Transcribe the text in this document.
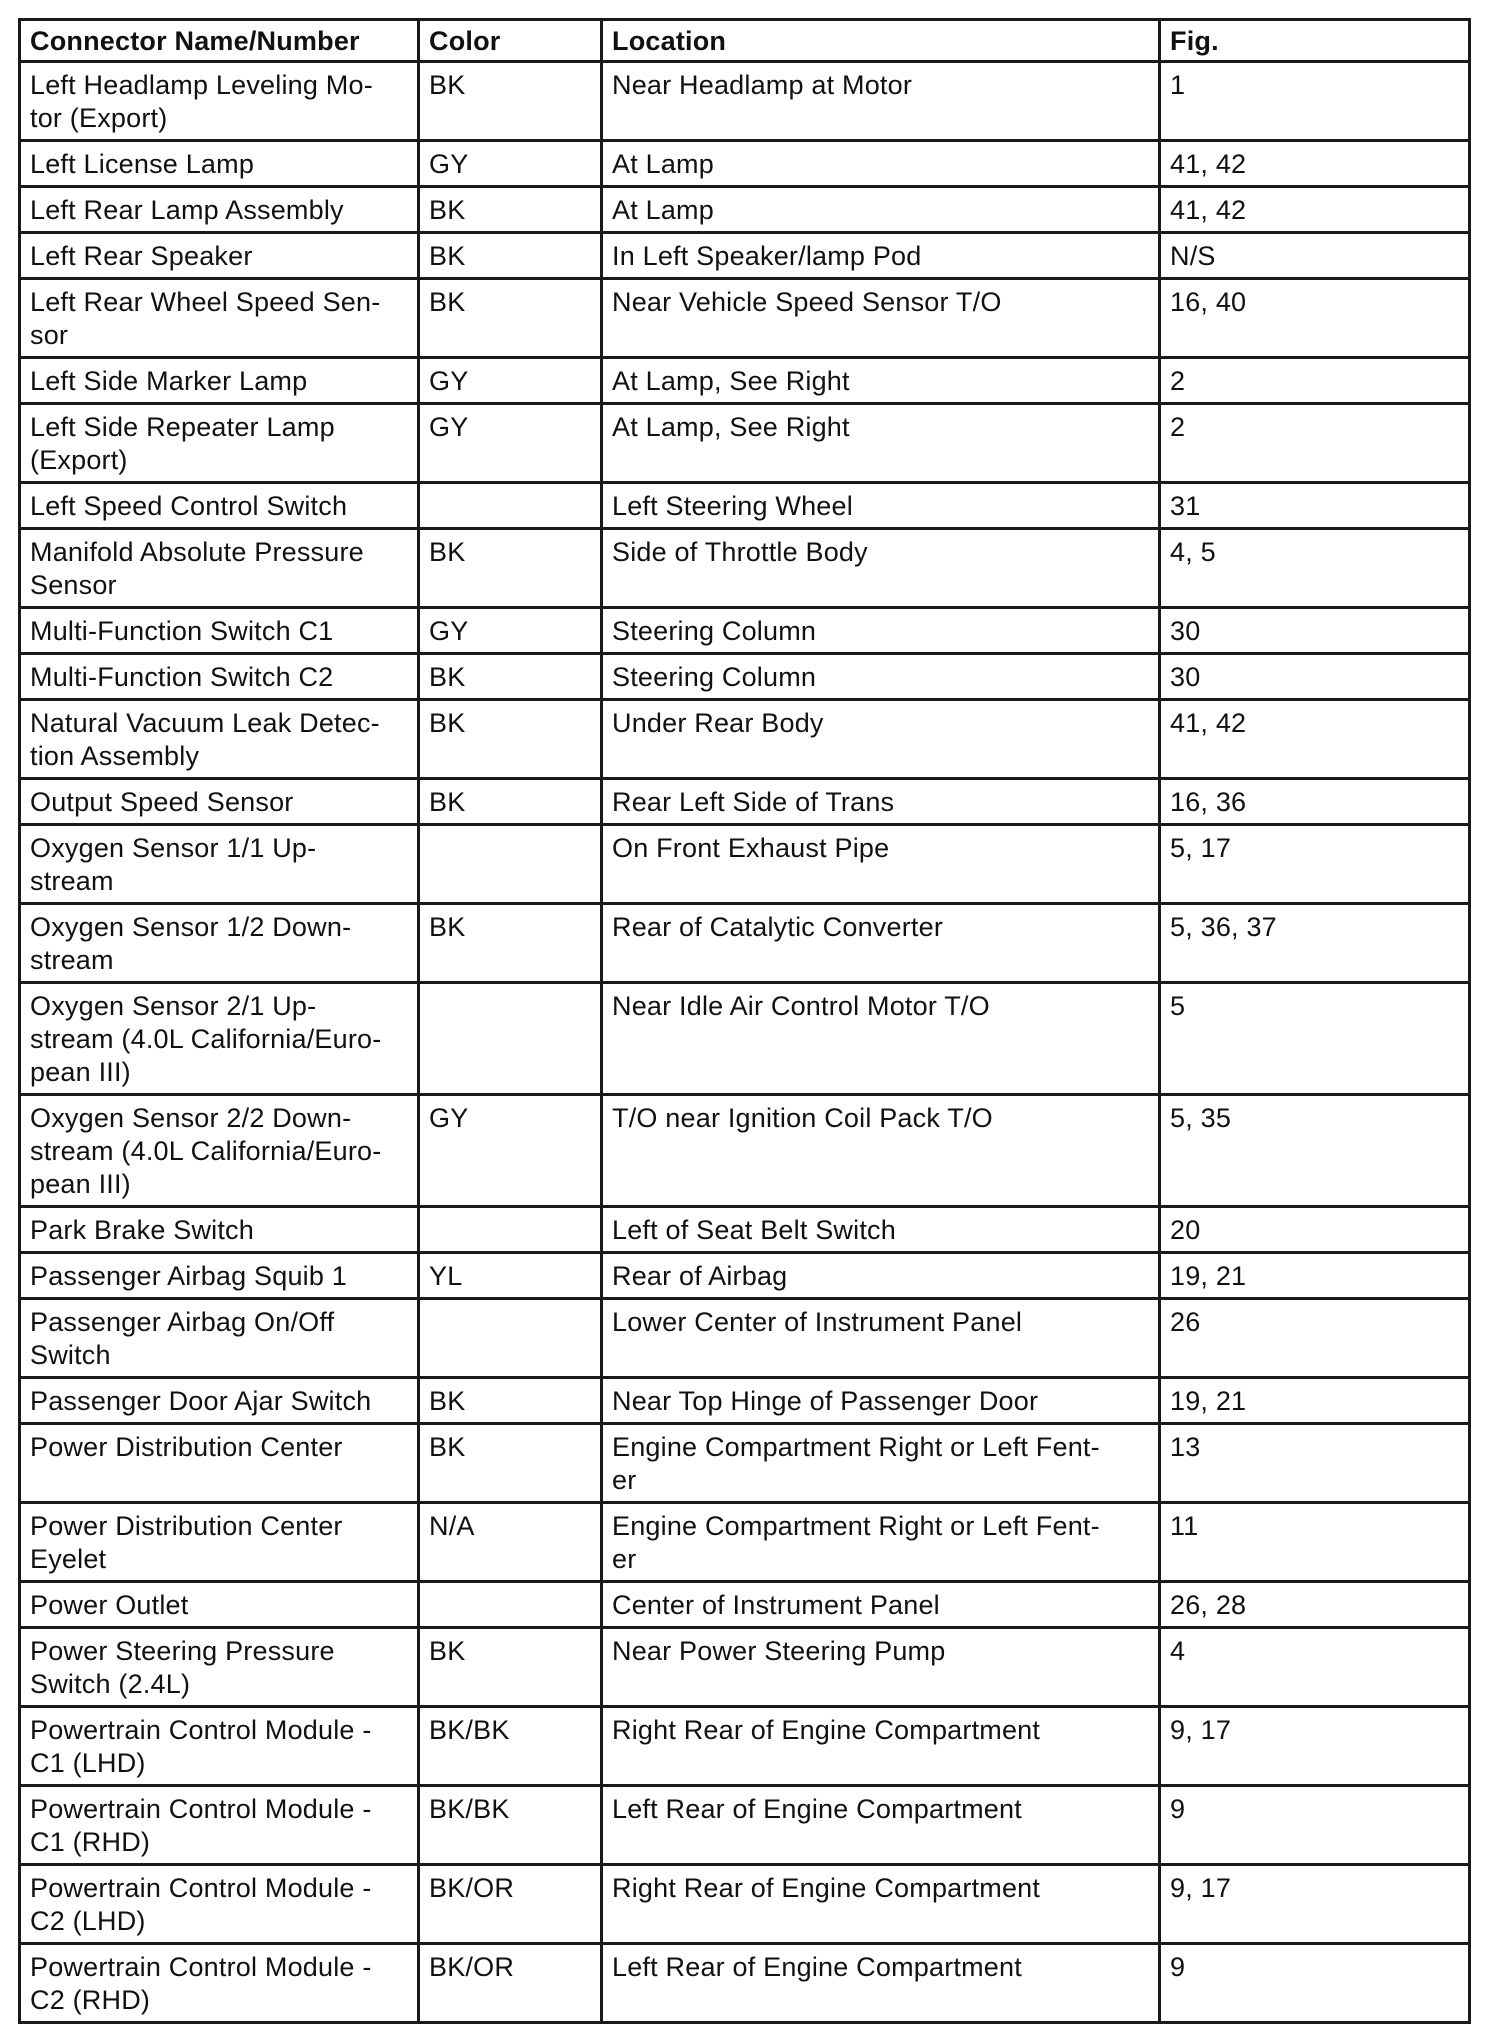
Connector Name/Number	Color	Location	Fig.

Left Headlamp Leveling Mo-
tor (Export)	BK	Near Headlamp at Motor	1

Left License Lamp	GY	At Lamp	41, 42

Left Rear Lamp Assembly	BK	At Lamp	41, 42

Left Rear Speaker	BK	In Left Speaker/lamp Pod	N/S

Left Rear Wheel Speed Sen-
sor	BK	Near Vehicle Speed Sensor T/O	16, 40

Left Side Marker Lamp	GY	At Lamp, See Right	2

Left Side Repeater Lamp
(Export)	GY	At Lamp, See Right	2

Left Speed Control Switch		Left Steering Wheel	31

Manifold Absolute Pressure
Sensor	BK	Side of Throttle Body	4, 5

Multi-Function Switch C1	GY	Steering Column	30

Multi-Function Switch C2	BK	Steering Column	30

Natural Vacuum Leak Detec-
tion Assembly	BK	Under Rear Body	41, 42

Output Speed Sensor	BK	Rear Left Side of Trans	16, 36

Oxygen Sensor 1/1 Up-
stream		On Front Exhaust Pipe	5, 17

Oxygen Sensor 1/2 Down-
stream	BK	Rear of Catalytic Converter	5, 36, 37

Oxygen Sensor 2/1 Up-
stream (4.0L California/Euro-
pean III)		Near Idle Air Control Motor T/O	5

Oxygen Sensor 2/2 Down-
stream (4.0L California/Euro-
pean III)	GY	T/O near Ignition Coil Pack T/O	5, 35

Park Brake Switch		Left of Seat Belt Switch	20

Passenger Airbag Squib 1	YL	Rear of Airbag	19, 21

Passenger Airbag On/Off
Switch		Lower Center of Instrument Panel	26

Passenger Door Ajar Switch	BK	Near Top Hinge of Passenger Door	19, 21

Power Distribution Center	BK	Engine Compartment Right or Left Fent-
er	13

Power Distribution Center
Eyelet	N/A	Engine Compartment Right or Left Fent-
er	11

Power Outlet		Center of Instrument Panel	26, 28

Power Steering Pressure
Switch (2.4L)	BK	Near Power Steering Pump	4

Powertrain Control Module -
C1 (LHD)	BK/BK	Right Rear of Engine Compartment	9, 17

Powertrain Control Module -
C1 (RHD)	BK/BK	Left Rear of Engine Compartment	9

Powertrain Control Module -
C2 (LHD)	BK/OR	Right Rear of Engine Compartment	9, 17

Powertrain Control Module -
C2 (RHD)	BK/OR	Left Rear of Engine Compartment	9
